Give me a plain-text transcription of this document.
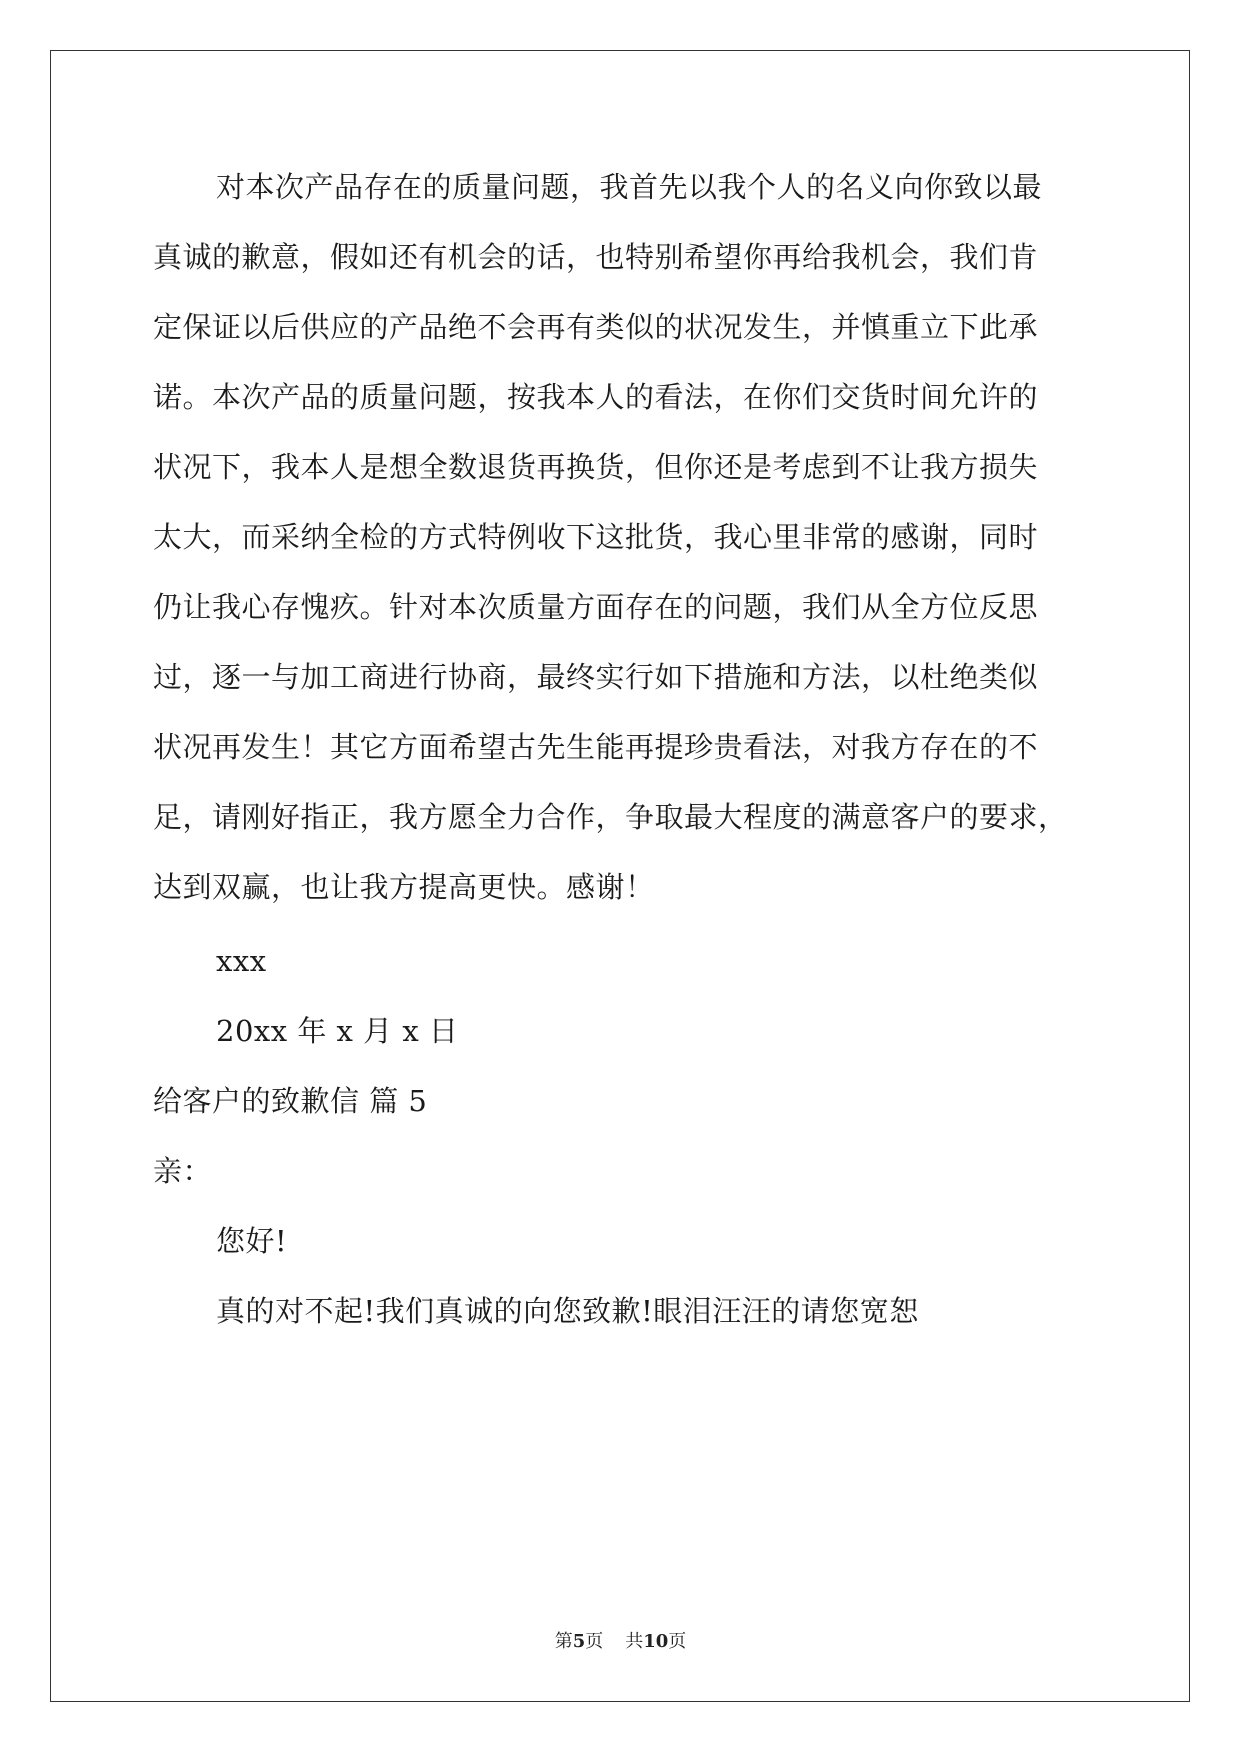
对本次产品存在的质量问题，我首先以我个人的名义向你致以最
真诚的歉意，假如还有机会的话，也特别希望你再给我机会，我们肯
定保证以后供应的产品绝不会再有类似的状况发生，并慎重立下此承
诺。本次产品的质量问题，按我本人的看法，在你们交货时间允许的
状况下，我本人是想全数退货再换货，但你还是考虑到不让我方损失
太大，而采纳全检的方式特例收下这批货，我心里非常的感谢，同时
仍让我心存愧疚。针对本次质量方面存在的问题，我们从全方位反思
过，逐一与加工商进行协商，最终实行如下措施和方法，以杜绝类似
状况再发生！其它方面希望古先生能再提珍贵看法，对我方存在的不
足，请刚好指正，我方愿全力合作，争取最大程度的满意客户的要求，
达到双赢，也让我方提高更快。感谢！
xxx
20xx 年 x 月 x 日
给客户的致歉信 篇 5
亲：
您好!
真的对不起!我们真诚的向您致歉!眼泪汪汪的请您宽恕
第5页 共10页
